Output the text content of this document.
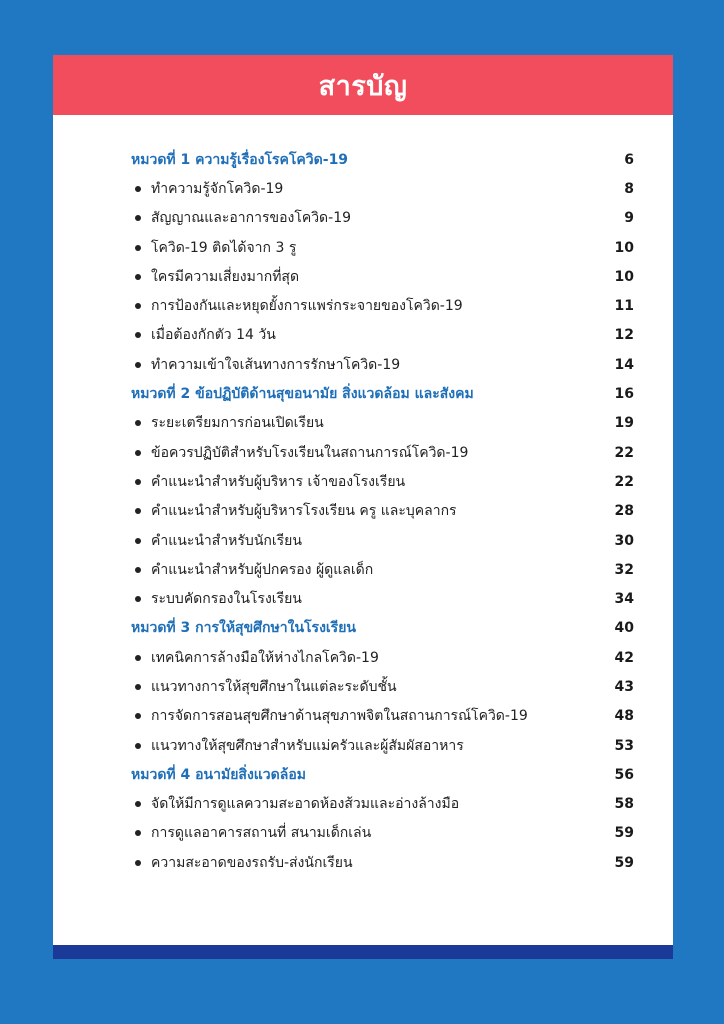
สารบัญ
หมวดที่ 1 ความรู้เรื่องโรคโควิด-19	6
ทำความรู้จักโควิด-19	8
สัญญาณและอาการของโควิด-19	9
โควิด-19 ติดได้จาก 3 รู	10
ใครมีความเสี่ยงมากที่สุด	10
การป้องกันและหยุดยั้งการแพร่กระจายของโควิด-19	11
เมื่อต้องกักตัว 14 วัน	12
ทำความเข้าใจเส้นทางการรักษาโควิด-19	14
หมวดที่ 2 ข้อปฏิบัติด้านสุขอนามัย สิ่งแวดล้อม และสังคม	16
ระยะเตรียมการก่อนเปิดเรียน	19
ข้อควรปฏิบัติสำหรับโรงเรียนในสถานการณ์โควิด-19	22
คำแนะนำสำหรับผู้บริหาร เจ้าของโรงเรียน	22
คำแนะนำสำหรับผู้บริหารโรงเรียน ครู และบุคลากร	28
คำแนะนำสำหรับนักเรียน	30
คำแนะนำสำหรับผู้ปกครอง ผู้ดูแลเด็ก	32
ระบบคัดกรองในโรงเรียน	34
หมวดที่ 3 การให้สุขศึกษาในโรงเรียน	40
เทคนิคการล้างมือให้ห่างไกลโควิด-19	42
แนวทางการให้สุขศึกษาในแต่ละระดับชั้น	43
การจัดการสอนสุขศึกษาด้านสุขภาพจิตในสถานการณ์โควิด-19	48
แนวทางให้สุขศึกษาสำหรับแม่ครัวและผู้สัมผัสอาหาร	53
หมวดที่ 4 อนามัยสิ่งแวดล้อม	56
จัดให้มีการดูแลความสะอาดห้องส้วมและอ่างล้างมือ	58
การดูแลอาคารสถานที่ สนามเด็กเล่น	59
ความสะอาดของรถรับ-ส่งนักเรียน	59
